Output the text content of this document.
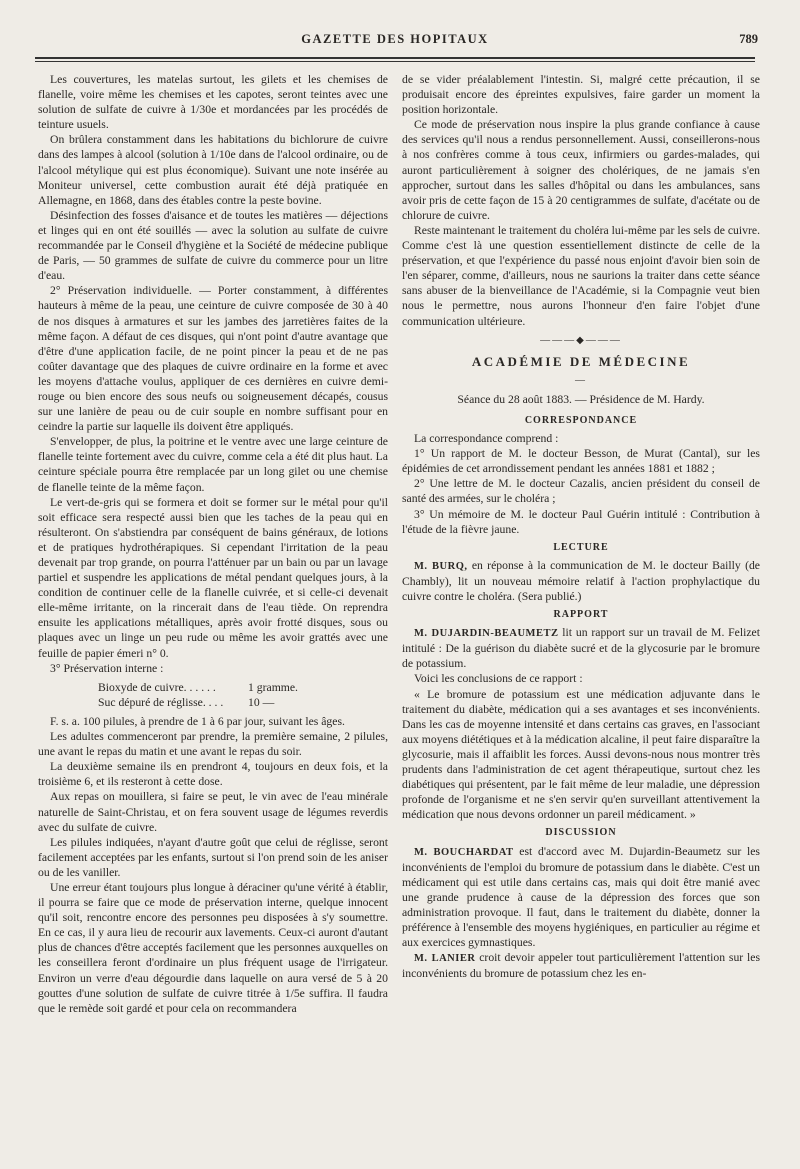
GAZETTE DES HOPITAUX	789

Les couvertures, les matelas surtout, les gilets et les chemises de flanelle, voire même les chemises et les capotes, seront teintes avec une solution de sulfate de cuivre à 1/30e et mordancées par les procédés de teinture usuels.

On brûlera constamment dans les habitations du bichlorure de cuivre dans des lampes à alcool (solution à 1/10e dans de l'alcool ordinaire, ou de l'alcool métylique qui est plus économique). Suivant une note insérée au Moniteur universel, cette combustion aurait été déjà pratiquée en Allemagne, en 1868, dans des étables contre la peste bovine.

Désinfection des fosses d'aisance et de toutes les matières — déjections et linges qui en ont été souillés — avec la solution au sulfate de cuivre recommandée par le Conseil d'hygiène et la Société de médecine publique de Paris, — 50 grammes de sulfate de cuivre du commerce pour un litre d'eau.

2° Préservation individuelle. — Porter constamment, à différentes hauteurs à même de la peau, une ceinture de cuivre composée de 30 à 40 de nos disques à armatures et sur les jambes des jarretières faites de la même façon. A défaut de ces disques, qui n'ont point d'autre avantage que d'être d'une application facile, de ne point pincer la peau et de ne pas coûter davantage que des plaques de cuivre ordinaire en la forme et avec les moyens d'attache voulus, appliquer de ces dernières en cuivre demi-rouge ou bien encore des sous neufs ou soigneusement décapés, cousus sur une lanière de peau ou de cuir souple en nombre suffisant pour en ceindre la partie sur laquelle ils doivent être appliqués.

S'envelopper, de plus, la poitrine et le ventre avec une large ceinture de flanelle teinte fortement avec du cuivre, comme cela a été dit plus haut. La ceinture spéciale pourra être remplacée par un long gilet ou une chemise de flanelle teinte de la même façon.

Le vert-de-gris qui se formera et doit se former sur le métal pour qu'il soit efficace sera respecté aussi bien que les taches de la peau qui en résulteront. On s'abstiendra par conséquent de bains généraux, de lotions et de pratiques hydrothérapiques. Si cependant l'irritation de la peau devenait par trop grande, on pourra l'atténuer par un bain ou par un lavage partiel et suspendre les applications de métal pendant quelques jours, à la condition de continuer celle de la flanelle cuivrée, et si celle-ci devenait elle-même irritante, on la rincerait dans de l'eau tiède. On reprendra ensuite les applications métalliques, après avoir frotté disques, sous ou plaques avec un linge un peu rude ou même les avoir grattés avec une feuille de papier émeri n° 0.

3° Préservation interne :

Bioxyde de cuivre. . . . . .	1 gramme.
Suc dépuré de réglisse. . . .	10 —

F. s. a. 100 pilules, à prendre de 1 à 6 par jour, suivant les âges.

Les adultes commenceront par prendre, la première semaine, 2 pilules, une avant le repas du matin et une avant le repas du soir.

La deuxième semaine ils en prendront 4, toujours en deux fois, et la troisième 6, et ils resteront à cette dose.

Aux repas on mouillera, si faire se peut, le vin avec de l'eau minérale naturelle de Saint-Christau, et on fera souvent usage de légumes reverdis avec du sulfate de cuivre.

Les pilules indiquées, n'ayant d'autre goût que celui de réglisse, seront facilement acceptées par les enfants, surtout si l'on prend soin de les aniser ou de les vaniller.

Une erreur étant toujours plus longue à déraciner qu'une vérité à établir, il pourra se faire que ce mode de préservation interne, quelque innocent qu'il soit, rencontre encore des personnes peu disposées à s'y soumettre. En ce cas, il y aura lieu de recourir aux lavements. Ceux-ci auront d'autant plus de chances d'être acceptés facilement que les personnes auxquelles on les conseillera feront d'ordinaire un plus fréquent usage de l'irrigateur. Environ un verre d'eau dégourdie dans laquelle on aura versé de 5 à 20 gouttes d'une solution de sulfate de cuivre titrée à 1/5e suffira. Il faudra que le remède soit gardé et pour cela on recommandera

de se vider préalablement l'intestin. Si, malgré cette précaution, il se produisait encore des épreintes expulsives, faire garder un moment la position horizontale.

Ce mode de préservation nous inspire la plus grande confiance à cause des services qu'il nous a rendus personnellement. Aussi, conseillerons-nous à nos confrères comme à tous ceux, infirmiers ou gardes-malades, qui auront particulièrement à soigner des cholériques, de ne jamais s'en approcher, surtout dans les salles d'hôpital ou dans les ambulances, sans avoir pris de cette façon de 15 à 20 centigrammes de sulfate, d'acétate ou de chlorure de cuivre.

Reste maintenant le traitement du choléra lui-même par les sels de cuivre. Comme c'est là une question essentiellement distincte de celle de la préservation, et que l'expérience du passé nous enjoint d'avoir bien soin de l'en séparer, comme, d'ailleurs, nous ne saurions la traiter dans cette séance sans abuser de la bienveillance de l'Académie, si la Compagnie veut bien nous le permettre, nous aurons l'honneur d'en faire l'objet d'une communication ultérieure.

———◆———
ACADÉMIE DE MÉDECINE
—
Séance du 28 août 1883. — Présidence de M. Hardy.
CORRESPONDANCE

La correspondance comprend :

1° Un rapport de M. le docteur Besson, de Murat (Cantal), sur les épidémies de cet arrondissement pendant les années 1881 et 1882 ;

2° Une lettre de M. le docteur Cazalis, ancien président du conseil de santé des armées, sur le choléra ;

3° Un mémoire de M. le docteur Paul Guérin intitulé : Contribution à l'étude de la fièvre jaune.

LECTURE

M. BURQ, en réponse à la communication de M. le docteur Bailly (de Chambly), lit un nouveau mémoire relatif à l'action prophylactique du cuivre contre le choléra. (Sera publié.)

RAPPORT

M. DUJARDIN-BEAUMETZ lit un rapport sur un travail de M. Felizet intitulé : De la guérison du diabète sucré et de la glycosurie par le bromure de potassium.

Voici les conclusions de ce rapport :

« Le bromure de potassium est une médication adjuvante dans le traitement du diabète, médication qui a ses avantages et ses inconvénients. Dans les cas de moyenne intensité et dans certains cas graves, en l'associant aux moyens diététiques et à la médication alcaline, il peut faire disparaître la glycosurie, mais il affaiblit les forces. Aussi devons-nous nous montrer très prudents dans l'administration de cet agent thérapeutique, surtout chez les diabétiques qui présentent, par le fait même de leur maladie, une dépression profonde de l'organisme et ne s'en servir qu'en surveillant attentivement la médication que nous devons ordonner un pareil médicament. »

DISCUSSION

M. BOUCHARDAT est d'accord avec M. Dujardin-Beaumetz sur les inconvénients de l'emploi du bromure de potassium dans le diabète. C'est un médicament qui est utile dans certains cas, mais qui doit être manié avec une grande prudence à cause de la dépression des forces que son administration provoque. Il faut, dans le traitement du diabète, donner la préférence à l'ensemble des moyens hygiéniques, en particulier au régime et aux exercices gymnastiques.

M. LANIER croit devoir appeler tout particulièrement l'attention sur les inconvénients du bromure de potassium chez les en-
